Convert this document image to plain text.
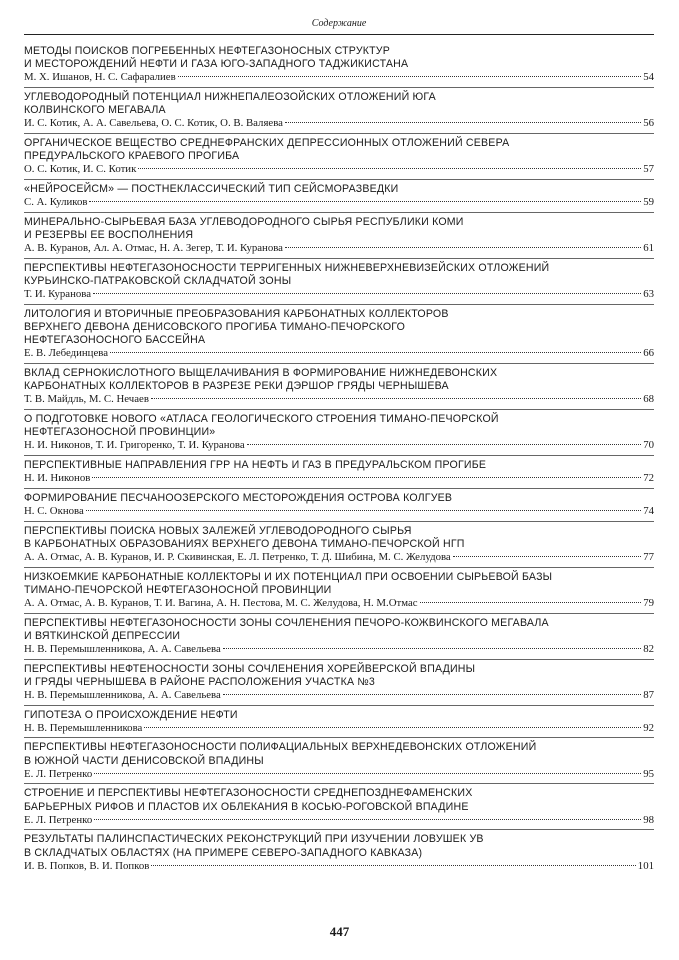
Содержание
МЕТОДЫ ПОИСКОВ ПОГРЕБЕННЫХ НЕФТЕГАЗОНОСНЫХ СТРУКТУР
И МЕСТОРОЖДЕНИЙ НЕФТИ И ГАЗА ЮГО-ЗАПАДНОГО ТАДЖИКИСТАНА
М. Х. Ишанов, Н. С. Сафаралиев	54
УГЛЕВОДОРОДНЫЙ ПОТЕНЦИАЛ НИЖНЕПАЛЕОЗОЙСКИХ ОТЛОЖЕНИЙ ЮГА
КОЛВИНСКОГО МЕГАВАЛА
И. С. Котик, А. А. Савельева, О. С. Котик, О. В. Валяева	56
ОРГАНИЧЕСКОЕ ВЕЩЕСТВО СРЕДНЕФРАНСКИХ ДЕПРЕССИОННЫХ ОТЛОЖЕНИЙ СЕВЕРА
ПРЕДУРАЛЬСКОГО КРАЕВОГО ПРОГИБА
О. С. Котик, И. С. Котик	57
«НЕЙРОСЕЙСМ» — ПОСТНЕКЛАССИЧЕСКИЙ ТИП СЕЙСМОРАЗВЕДКИ
С. А. Куликов	59
МИНЕРАЛЬНО-СЫРЬЕВАЯ БАЗА УГЛЕВОДОРОДНОГО СЫРЬЯ РЕСПУБЛИКИ КОМИ
И РЕЗЕРВЫ ЕЕ ВОСПОЛНЕНИЯ
А. В. Куранов, Ал. А. Отмас, Н. А. Зегер, Т. И. Куранова	61
ПЕРСПЕКТИВЫ НЕФТЕГАЗОНОСНОСТИ ТЕРРИГЕННЫХ НИЖНЕВЕРХНЕВИЗЕЙСКИХ ОТЛОЖЕНИЙ
КУРЬИНСКО-ПАТРАКОВСКОЙ СКЛАДЧАТОЙ ЗОНЫ
Т. И. Куранова	63
ЛИТОЛОГИЯ И ВТОРИЧНЫЕ ПРЕОБРАЗОВАНИЯ КАРБОНАТНЫХ КОЛЛЕКТОРОВ
ВЕРХНЕГО ДЕВОНА ДЕНИСОВСКОГО ПРОГИБА ТИМАНО-ПЕЧОРСКОГО
НЕФТЕГАЗОНОСНОГО БАССЕЙНА
Е. В. Лебединцева	66
ВКЛАД СЕРНОКИСЛОТНОГО ВЫЩЕЛАЧИВАНИЯ В ФОРМИРОВАНИЕ НИЖНЕДЕВОНСКИХ
КАРБОНАТНЫХ КОЛЛЕКТОРОВ В РАЗРЕЗЕ РЕКИ ДЭРШОР ГРЯДЫ ЧЕРНЫШЕВА
Т. В. Майдль, М. С. Нечаев	68
О ПОДГОТОВКЕ НОВОГО «АТЛАСА ГЕОЛОГИЧЕСКОГО СТРОЕНИЯ ТИМАНО-ПЕЧОРСКОЙ
НЕФТЕГАЗОНОСНОЙ ПРОВИНЦИИ»
Н. И. Никонов, Т. И. Григоренко, Т. И. Куранова	70
ПЕРСПЕКТИВНЫЕ НАПРАВЛЕНИЯ ГРР НА НЕФТЬ И ГАЗ В ПРЕДУРАЛЬСКОМ ПРОГИБЕ
Н. И. Никонов	72
ФОРМИРОВАНИЕ ПЕСЧАНООЗЕРСКОГО МЕСТОРОЖДЕНИЯ ОСТРОВА КОЛГУЕВ
Н. С. Окнова	74
ПЕРСПЕКТИВЫ ПОИСКА НОВЫХ ЗАЛЕЖЕЙ УГЛЕВОДОРОДНОГО СЫРЬЯ
В КАРБОНАТНЫХ ОБРАЗОВАНИЯХ ВЕРХНЕГО ДЕВОНА ТИМАНО-ПЕЧОРСКОЙ НГП
А. А. Отмас, А. В. Куранов, И. Р. Скивинская, Е. Л. Петренко, Т. Д. Шибина, М. С. Желудова	77
НИЗКОЕМКИЕ КАРБОНАТНЫЕ КОЛЛЕКТОРЫ И ИХ ПОТЕНЦИАЛ ПРИ ОСВОЕНИИ СЫРЬЕВОЙ БАЗЫ
ТИМАНО-ПЕЧОРСКОЙ НЕФТЕГАЗОНОСНОЙ ПРОВИНЦИИ
А. А. Отмас, А. В. Куранов, Т. И. Вагина, А. Н. Пестова, М. С. Желудова, Н. М.Отмас	79
ПЕРСПЕКТИВЫ НЕФТЕГАЗОНОСНОСТИ ЗОНЫ СОЧЛЕНЕНИЯ ПЕЧОРО-КОЖВИНСКОГО МЕГАВАЛА
И ВЯТКИНСКОЙ ДЕПРЕССИИ
Н. В. Перемышленникова, А. А. Савельева	82
ПЕРСПЕКТИВЫ НЕФТЕНОСНОСТИ ЗОНЫ СОЧЛЕНЕНИЯ ХОРЕЙВЕРСКОЙ ВПАДИНЫ
И ГРЯДЫ ЧЕРНЫШЕВА В РАЙОНЕ РАСПОЛОЖЕНИЯ УЧАСТКА №3
Н. В. Перемышленникова, А. А. Савельева	87
ГИПОТЕЗА О ПРОИСХОЖДЕНИЕ НЕФТИ
Н. В. Перемышленникова	92
ПЕРСПЕКТИВЫ НЕФТЕГАЗОНОСНОСТИ ПОЛИФАЦИАЛЬНЫХ ВЕРХНЕДЕВОНСКИХ ОТЛОЖЕНИЙ
В ЮЖНОЙ ЧАСТИ ДЕНИСОВСКОЙ ВПАДИНЫ
Е. Л. Петренко	95
СТРОЕНИЕ И ПЕРСПЕКТИВЫ НЕФТЕГАЗОНОСНОСТИ СРЕДНЕПОЗДНЕФАМЕНСКИХ
БАРЬЕРНЫХ РИФОВ И ПЛАСТОВ ИХ ОБЛЕКАНИЯ В КОСЬЮ-РОГОВСКОЙ ВПАДИНЕ
Е. Л. Петренко	98
РЕЗУЛЬТАТЫ ПАЛИНСПАСТИЧЕСКИХ РЕКОНСТРУКЦИЙ ПРИ ИЗУЧЕНИИ ЛОВУШЕК УВ
В СКЛАДЧАТЫХ ОБЛАСТЯХ (НА ПРИМЕРЕ СЕВЕРО-ЗАПАДНОГО КАВКАЗА)
И. В. Попков, В. И. Попков	101
447
